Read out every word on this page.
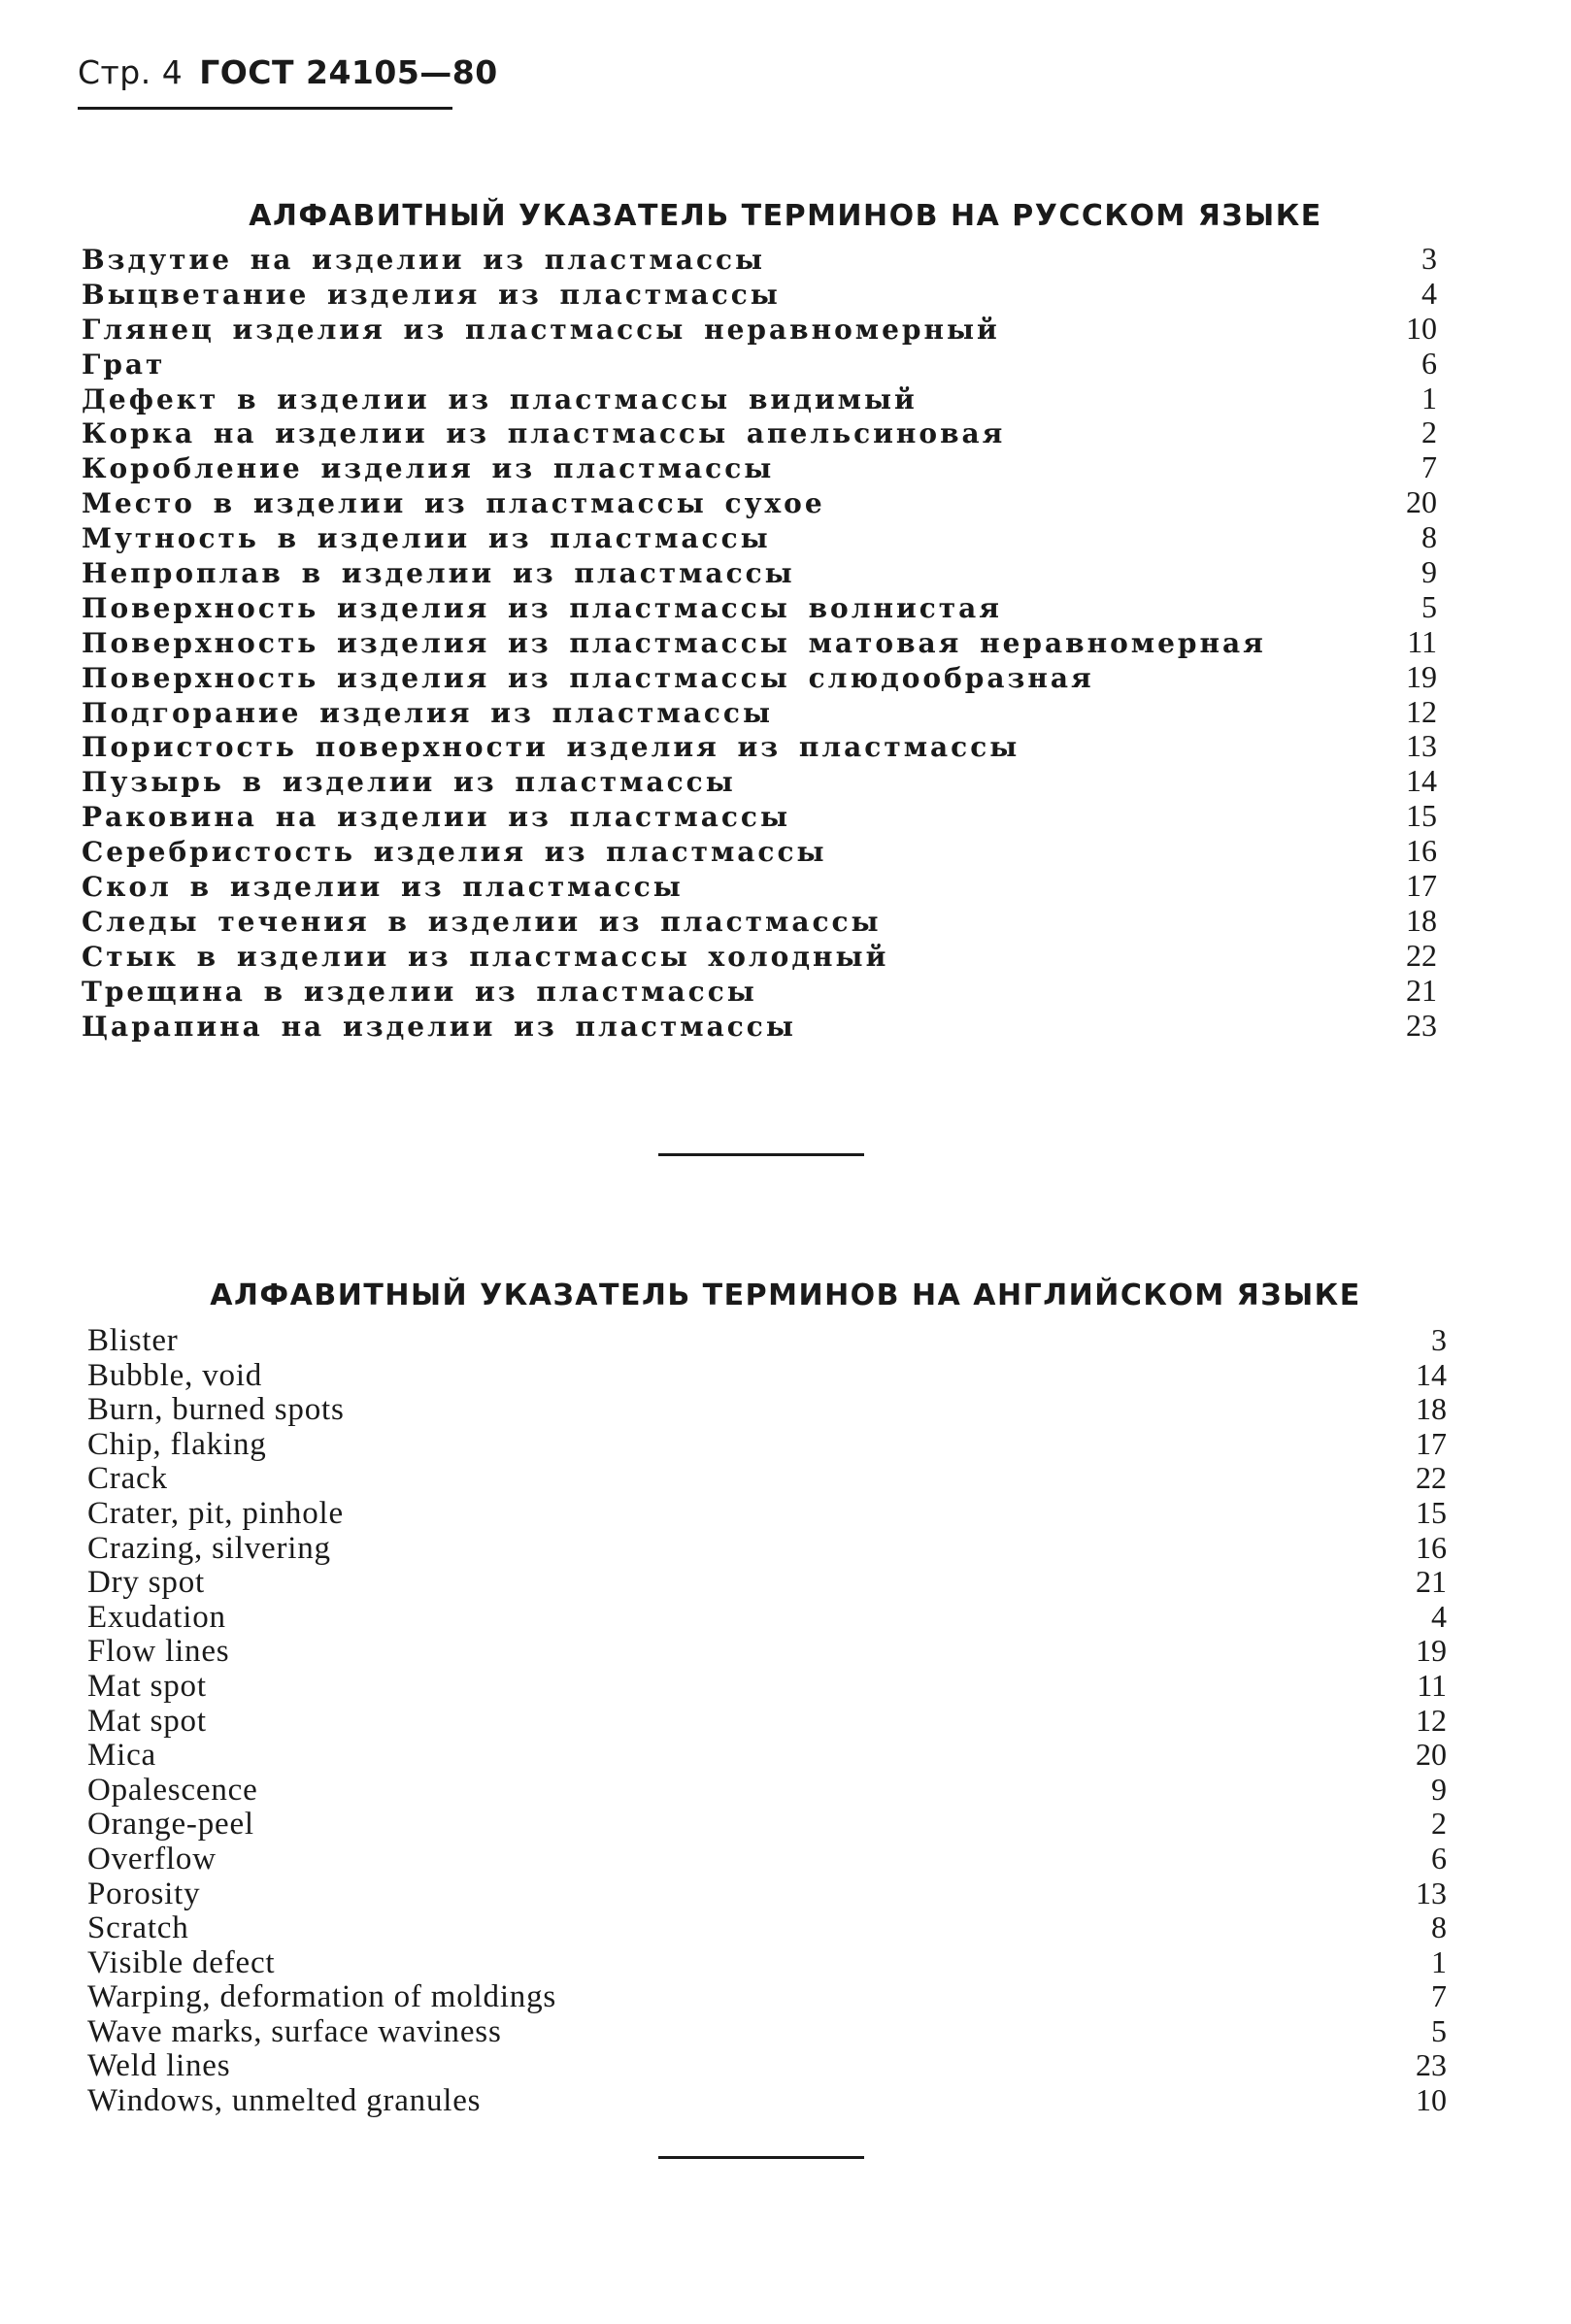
Стр. 4 ГОСТ 24105—80
АЛФАВИТНЫЙ УКАЗАТЕЛЬ ТЕРМИНОВ НА РУССКОМ ЯЗЫКЕ
Вздутие на изделии из пластмассы	3
Выцветание изделия из пластмассы	4
Глянец изделия из пластмассы неравномерный	10
Грат	6
Дефект в изделии из пластмассы видимый	1
Корка на изделии из пластмассы апельсиновая	2
Коробление изделия из пластмассы	7
Место в изделии из пластмассы сухое	20
Мутность в изделии из пластмассы	8
Непроплав в изделии из пластмассы	9
Поверхность изделия из пластмассы волнистая	5
Поверхность изделия из пластмассы матовая неравномерная	11
Поверхность изделия из пластмассы слюдообразная	19
Подгорание изделия из пластмассы	12
Пористость поверхности изделия из пластмассы	13
Пузырь в изделии из пластмассы	14
Раковина на изделии из пластмассы	15
Серебристость изделия из пластмассы	16
Скол в изделии из пластмассы	17
Следы течения в изделии из пластмассы	18
Стык в изделии из пластмассы холодный	22
Трещина в изделии из пластмассы	21
Царапина на изделии из пластмассы	23
АЛФАВИТНЫЙ УКАЗАТЕЛЬ ТЕРМИНОВ НА АНГЛИЙСКОМ ЯЗЫКЕ
Blister	3
Bubble, void	14
Burn, burned spots	18
Chip, flaking	17
Crack	22
Crater, pit, pinhole	15
Crazing, silvering	16
Dry spot	21
Exudation	4
Flow lines	19
Mat spot	11
Mat spot	12
Mica	20
Opalescence	9
Orange-peel	2
Overflow	6
Porosity	13
Scratch	8
Visible defect	1
Warping, deformation of moldings	7
Wave marks, surface waviness	5
Weld lines	23
Windows, unmelted granules	10
